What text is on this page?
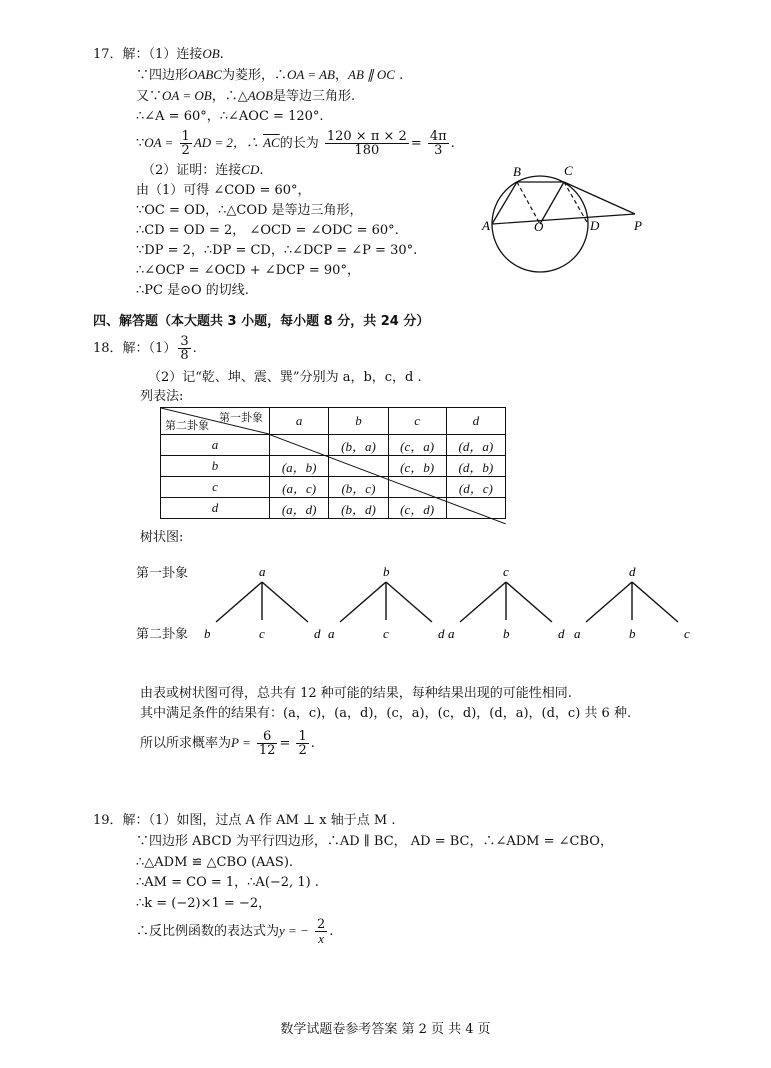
17．解：（1）连接OB.
∵四边形OABC为菱形，∴OA = AB，AB ∥ OC .
又∵OA = OB，∴△AOB是等边三角形.
∴∠A = 60°，∴∠AOC = 120°.
∵OA = $\frac{1}{2}$ AD = 2，∴ $\overline{AC}$的长为 $\frac{120 \times \pi \times 2}{180} = \frac{4\pi}{3}$ .
（2）证明：连接CD.
由（1）可得 ∠COD = 60°，
∵OC = OD，∴△COD 是等边三角形，
∴CD = OD = 2， ∠OCD = ∠ODC = 60°.
∵DP = 2，∴DP = CD，∴∠DCP = ∠P = 30°.
∴∠OCP = ∠OCD + ∠DCP = 90°，
∴PC 是⊙O 的切线.
B	C
A	O	D	P
四、解答题（本大题共 3 小题，每小题 8 分，共 24 分）
18．解：$(1) \frac{3}{8}$ .
（2）记“乾、坤、震、巽”分别为 a，b，c，d .
列表法:
第一卦象
第二卦象	a	b	c	d
a		(b，a)	(c，a)	(d，a)
b	(a，b)		(c，b)	(d，b)
c	(a，c)	(b，c)		(d，c)
d	(a，d)	(b，d)	(c，d)	
树状图:
第一卦象
第二卦象
a
b	c	d
b
a	c	d
c
a	b	d
d
a	b	c
由表或树状图可得，总共有 12 种可能的结果，每种结果出现的可能性相同.
其中满足条件的结果有：(a，c)，(a，d)，(c，a)，(c，d)，(d，a)，(d，c) 共 6 种.
所以所求概率为$P = \frac{6}{12} = \frac{1}{2}$ .
19．解：（1）如图，过点 A 作 AM ⊥ x 轴于点 M .
∵四边形 ABCD 为平行四边形，∴AD ∥ BC， AD = BC，∴∠ADM = ∠CBO，
∴△ADM ≌ △CBO (AAS).
∴AM = CO = 1，∴A(−2, 1) .
∴k = (−2)×1 = −2，
∴反比例函数的表达式为y = − $\frac{2}{x}$ .
数学试题卷参考答案 第 2 页 共 4 页
